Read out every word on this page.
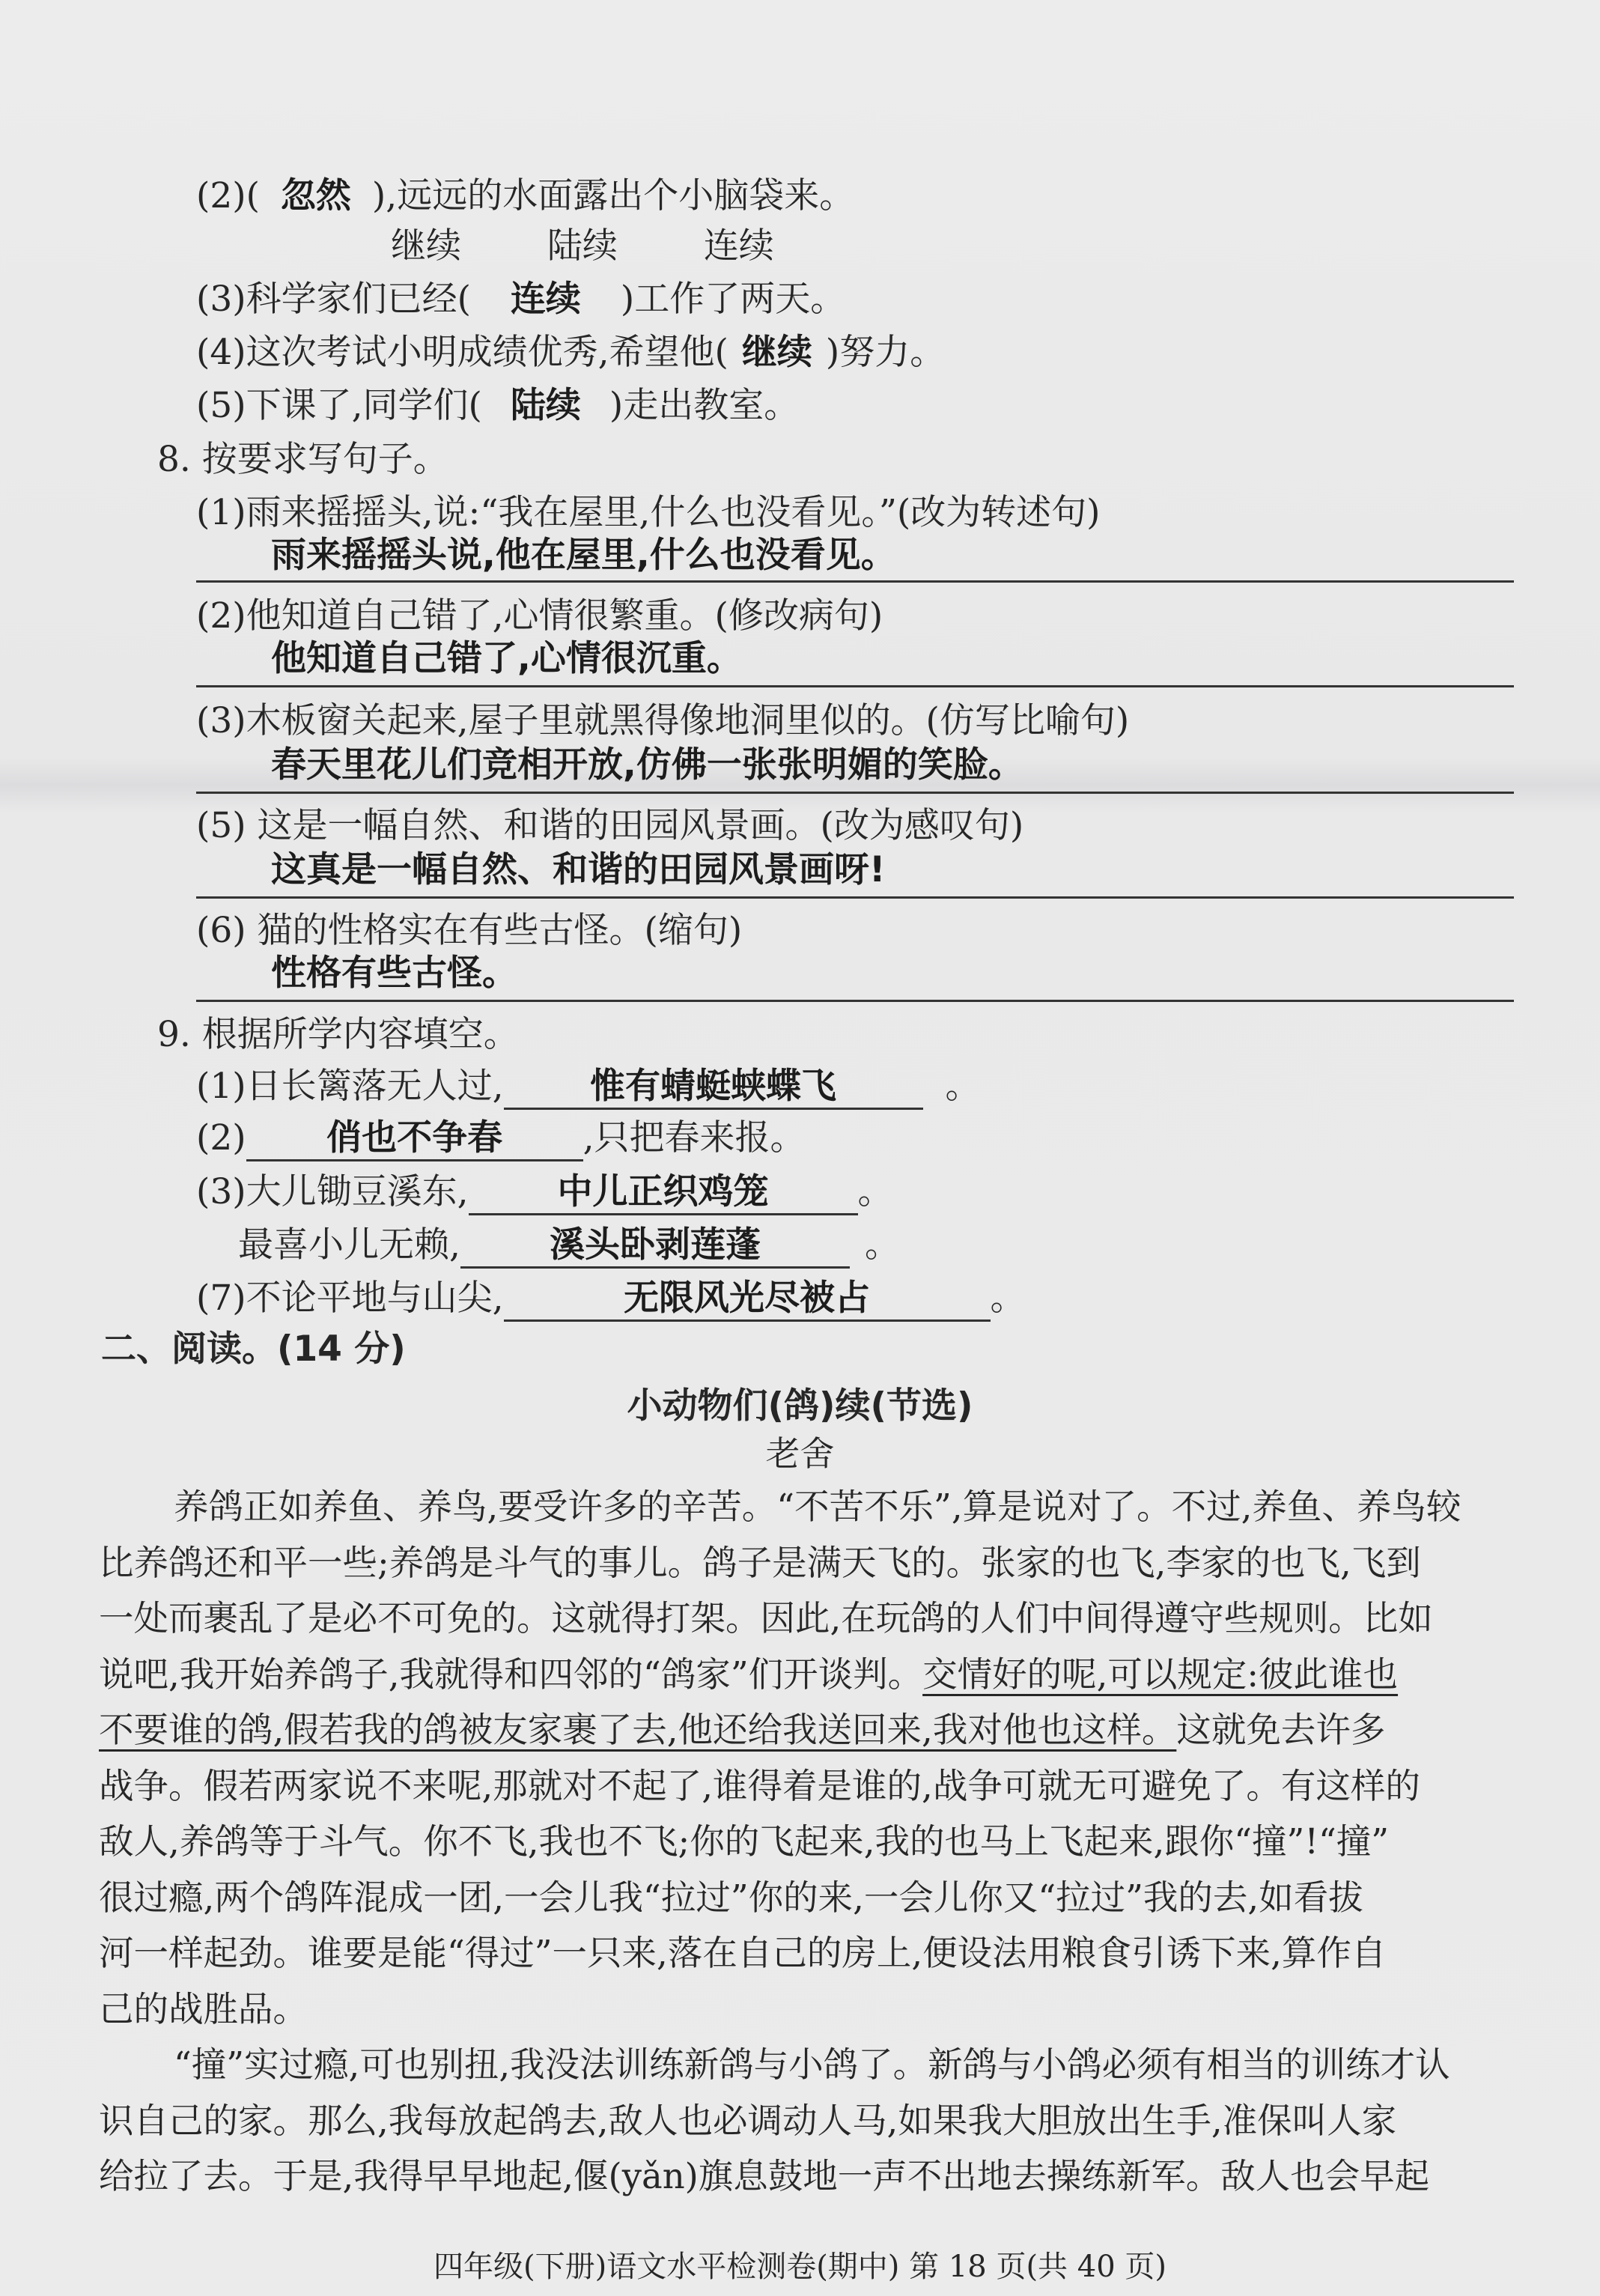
(2)( 忽然 ),远远的水面露出个小脑袋来。
继续 陆续 连续
(3)科学家们已经( 连续 )工作了两天。
(4)这次考试小明成绩优秀,希望他( 继续 )努力。
(5)下课了,同学们( 陆续 )走出教室。
8. 按要求写句子。
(1)雨来摇摇头,说:“我在屋里,什么也没看见。”(改为转述句)
雨来摇摇头说,他在屋里,什么也没看见。
(2)他知道自己错了,心情很繁重。(修改病句)
他知道自己错了,心情很沉重。
(3)木板窗关起来,屋子里就黑得像地洞里似的。(仿写比喻句)
春天里花儿们竞相开放,仿佛一张张明媚的笑脸。
(5) 这是一幅自然、和谐的田园风景画。(改为感叹句)
这真是一幅自然、和谐的田园风景画呀!
(6) 猫的性格实在有些古怪。(缩句)
性格有些古怪。
9. 根据所学内容填空。
(1)日长篱落无人过, 惟有蜻蜓蛱蝶飞	。
(2) 俏也不争春 ,只把春来报。
(3)大儿锄豆溪东,	中儿正织鸡笼	。
最喜小儿无赖,	溪头卧剥莲蓬	。
(7)不论平地与山尖,	无限风光尽被占	。
二、阅读。(14 分)
小动物们(鸽)续(节选)
老舍
养鸽正如养鱼、养鸟,要受许多的辛苦。“不苦不乐”,算是说对了。不过,养鱼、养鸟较
比养鸽还和平一些;养鸽是斗气的事儿。鸽子是满天飞的。张家的也飞,李家的也飞,飞到
一处而裹乱了是必不可免的。这就得打架。因此,在玩鸽的人们中间得遵守些规则。比如
说吧,我开始养鸽子,我就得和四邻的“鸽家”们开谈判。交情好的呢,可以规定:彼此谁也
不要谁的鸽,假若我的鸽被友家裹了去,他还给我送回来,我对他也这样。这就免去许多
战争。假若两家说不来呢,那就对不起了,谁得着是谁的,战争可就无可避免了。有这样的
敌人,养鸽等于斗气。你不飞,我也不飞;你的飞起来,我的也马上飞起来,跟你“撞”!“撞”
很过瘾,两个鸽阵混成一团,一会儿我“拉过”你的来,一会儿你又“拉过”我的去,如看拔
河一样起劲。谁要是能“得过”一只来,落在自己的房上,便设法用粮食引诱下来,算作自
己的战胜品。
“撞”实过瘾,可也别扭,我没法训练新鸽与小鸽了。新鸽与小鸽必须有相当的训练才认
识自己的家。那么,我每放起鸽去,敌人也必调动人马,如果我大胆放出生手,准保叫人家
给拉了去。于是,我得早早地起,偃(yǎn)旗息鼓地一声不出地去操练新军。敌人也会早起
四年级(下册)语文水平检测卷(期中) 第 18 页(共 40 页)
